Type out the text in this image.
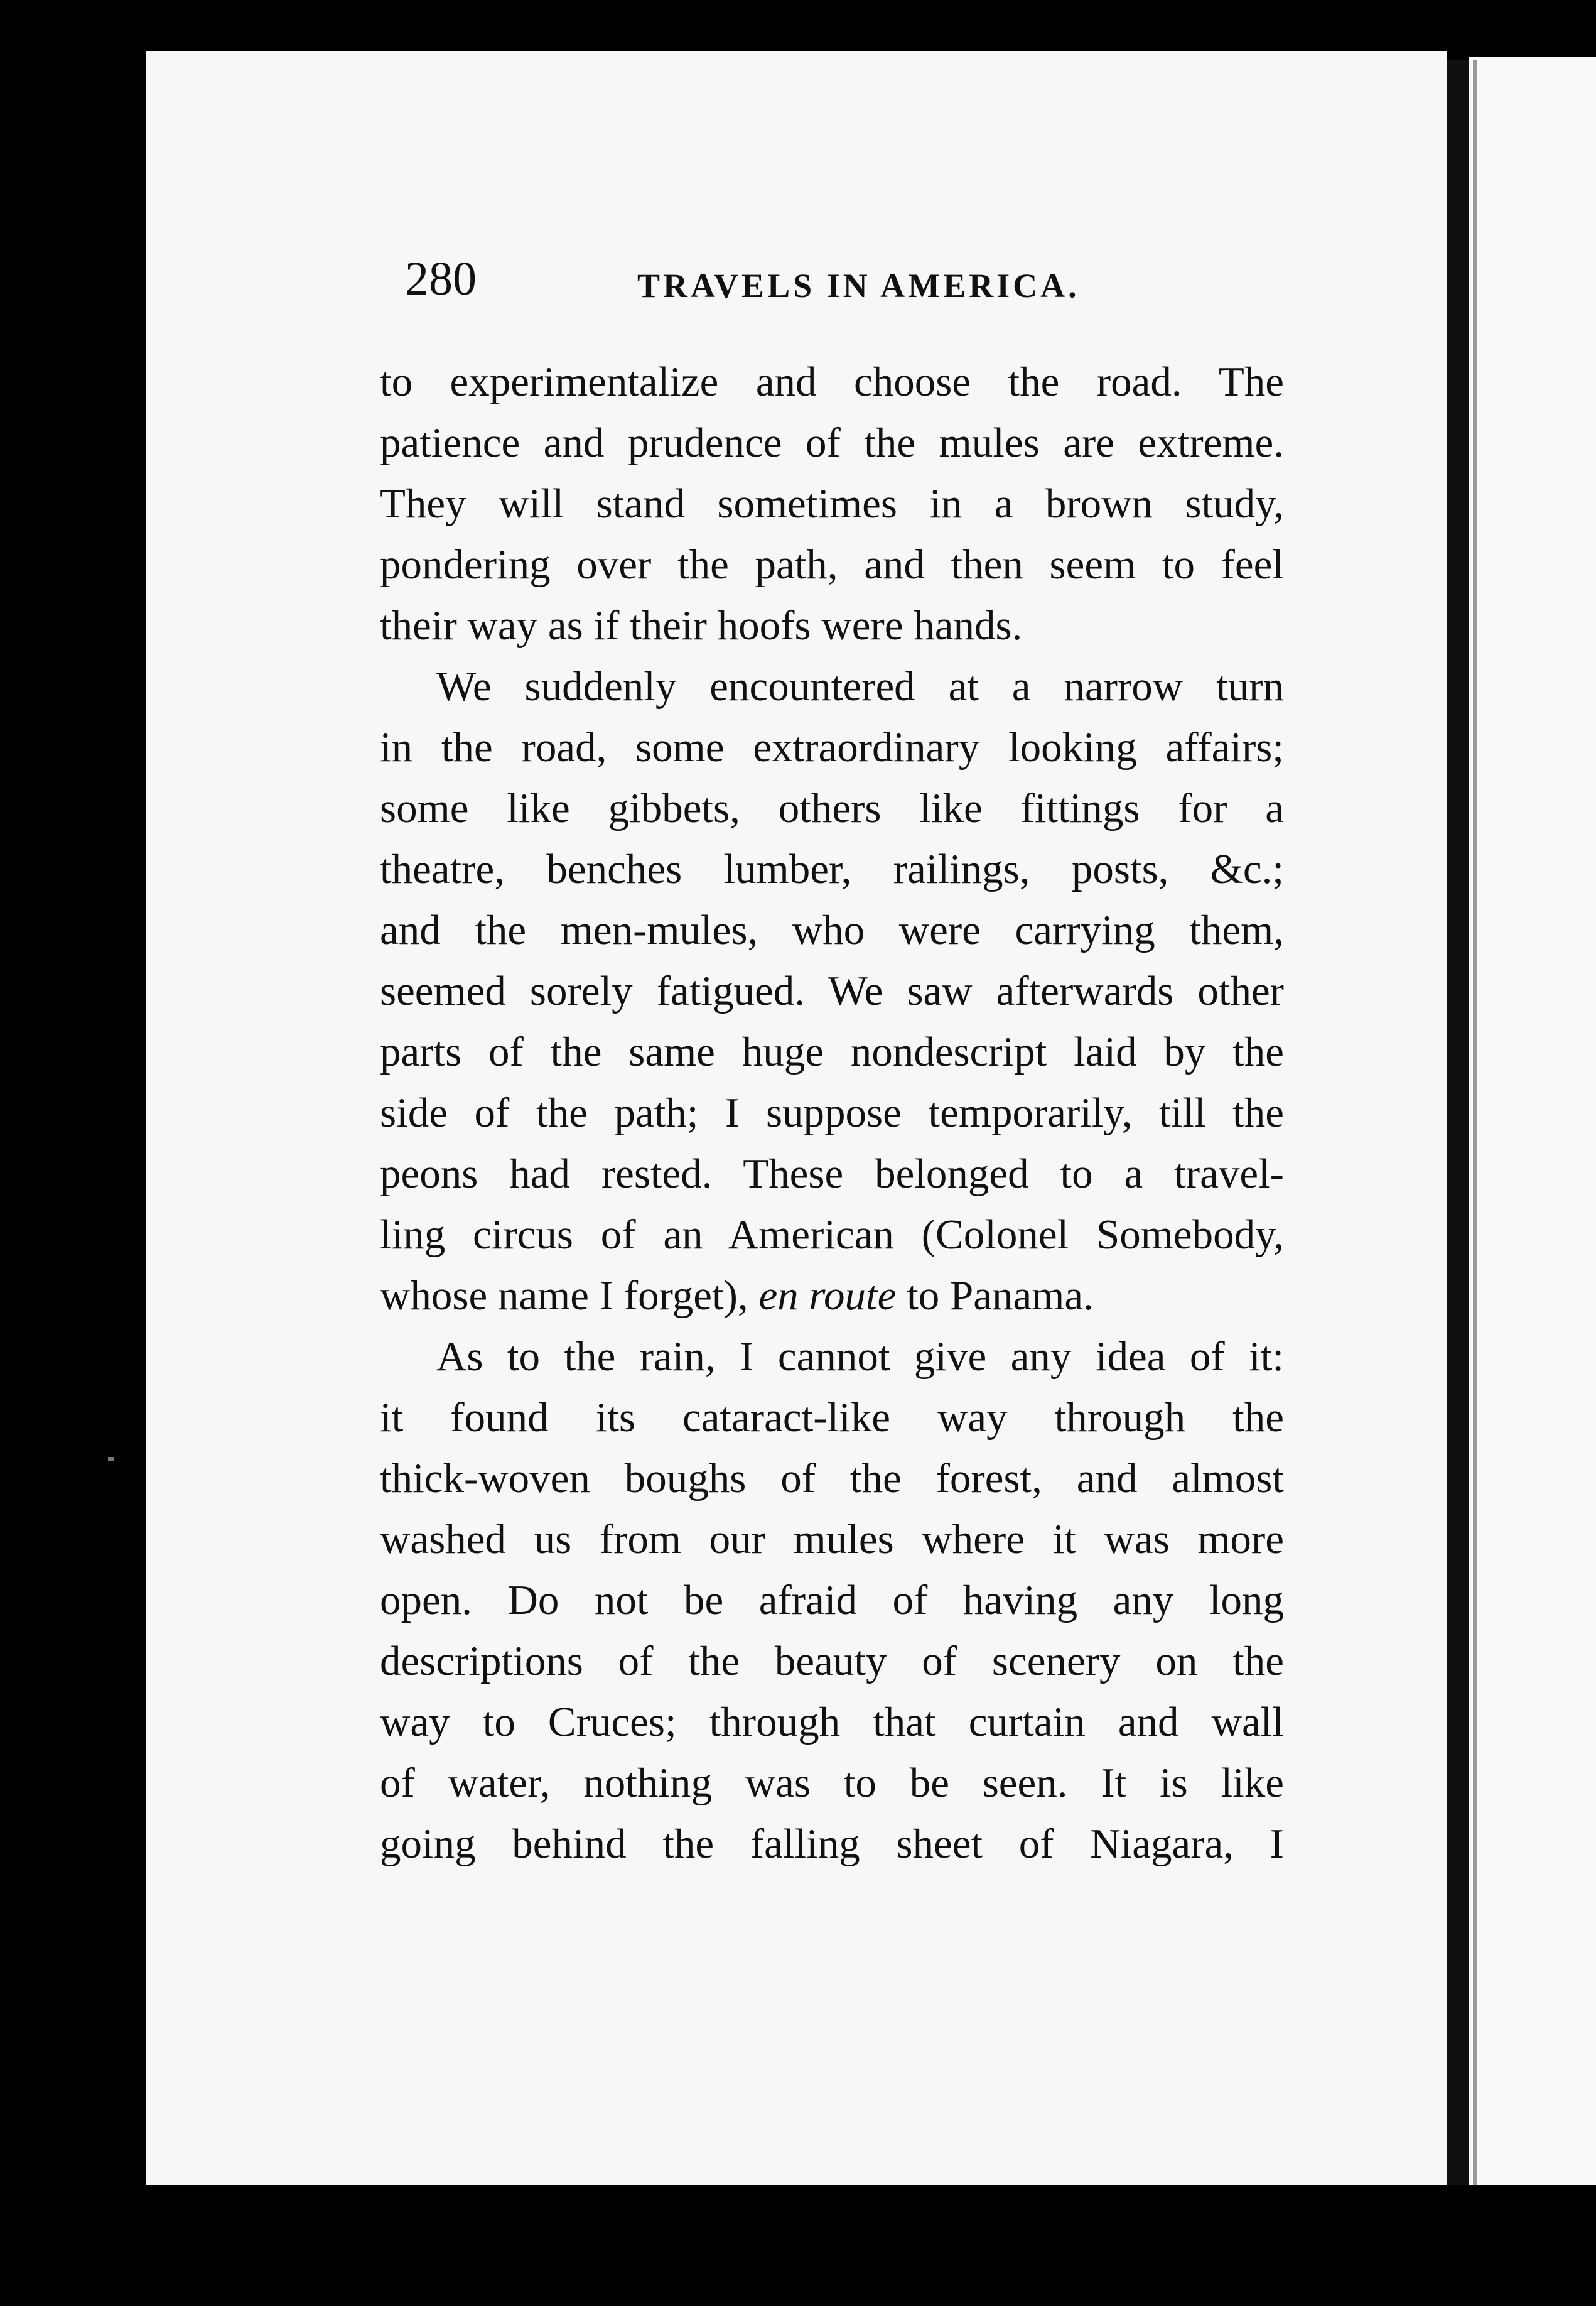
280	TRAVELS IN AMERICA.
to experimentalize and choose the road. The
patience and prudence of the mules are extreme.
They will stand sometimes in a brown study,
pondering over the path, and then seem to feel
their way as if their hoofs were hands.
We suddenly encountered at a narrow turn
in the road, some extraordinary looking affairs;
some like gibbets, others like fittings for a
theatre, benches lumber, railings, posts, &c.;
and the men-mules, who were carrying them,
seemed sorely fatigued. We saw afterwards other
parts of the same huge nondescript laid by the
side of the path; I suppose temporarily, till the
peons had rested. These belonged to a travel-
ling circus of an American (Colonel Somebody,
whose name I forget), en route to Panama.
As to the rain, I cannot give any idea of it:
it found its cataract-like way through the
thick-woven boughs of the forest, and almost
washed us from our mules where it was more
open. Do not be afraid of having any long
descriptions of the beauty of scenery on the
way to Cruces; through that curtain and wall
of water, nothing was to be seen. It is like
going behind the falling sheet of Niagara, I
